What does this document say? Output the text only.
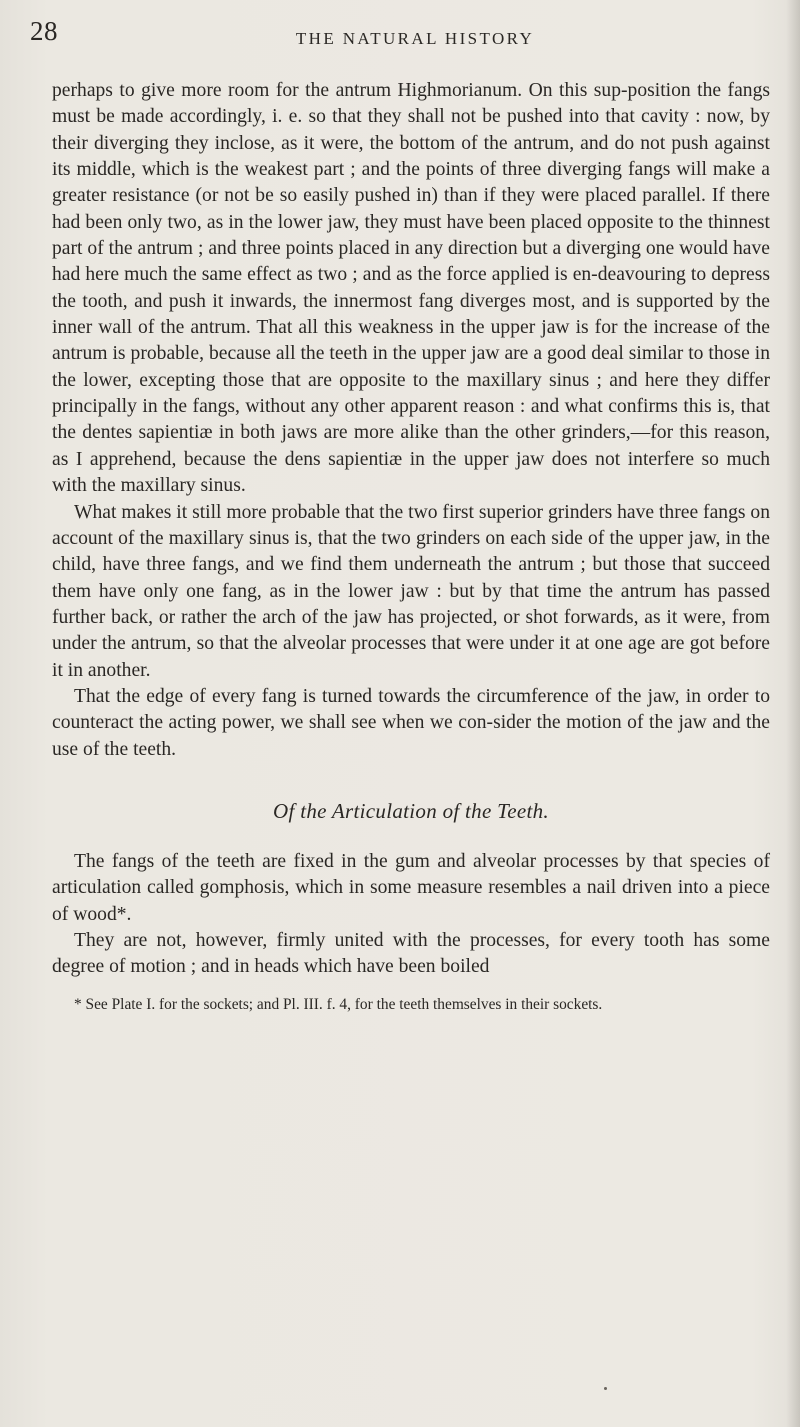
28	THE NATURAL HISTORY

perhaps to give more room for the antrum Highmorianum. On this sup-position the fangs must be made accordingly, i. e. so that they shall not be pushed into that cavity : now, by their diverging they inclose, as it were, the bottom of the antrum, and do not push against its middle, which is the weakest part ; and the points of three diverging fangs will make a greater resistance (or not be so easily pushed in) than if they were placed parallel. If there had been only two, as in the lower jaw, they must have been placed opposite to the thinnest part of the antrum ; and three points placed in any direction but a diverging one would have had here much the same effect as two ; and as the force applied is en-deavouring to depress the tooth, and push it inwards, the innermost fang diverges most, and is supported by the inner wall of the antrum. That all this weakness in the upper jaw is for the increase of the antrum is probable, because all the teeth in the upper jaw are a good deal similar to those in the lower, excepting those that are opposite to the maxillary sinus ; and here they differ principally in the fangs, without any other apparent reason : and what confirms this is, that the dentes sapientiæ in both jaws are more alike than the other grinders,—for this reason, as I apprehend, because the dens sapientiæ in the upper jaw does not interfere so much with the maxillary sinus.

What makes it still more probable that the two first superior grinders have three fangs on account of the maxillary sinus is, that the two grinders on each side of the upper jaw, in the child, have three fangs, and we find them underneath the antrum ; but those that succeed them have only one fang, as in the lower jaw : but by that time the antrum has passed further back, or rather the arch of the jaw has projected, or shot forwards, as it were, from under the antrum, so that the alveolar processes that were under it at one age are got before it in another.

That the edge of every fang is turned towards the circumference of the jaw, in order to counteract the acting power, we shall see when we con-sider the motion of the jaw and the use of the teeth.

Of the Articulation of the Teeth.

The fangs of the teeth are fixed in the gum and alveolar processes by that species of articulation called gomphosis, which in some measure resembles a nail driven into a piece of wood*.

They are not, however, firmly united with the processes, for every tooth has some degree of motion ; and in heads which have been boiled

* See Plate I. for the sockets; and Pl. III. f. 4, for the teeth themselves in their sockets.
